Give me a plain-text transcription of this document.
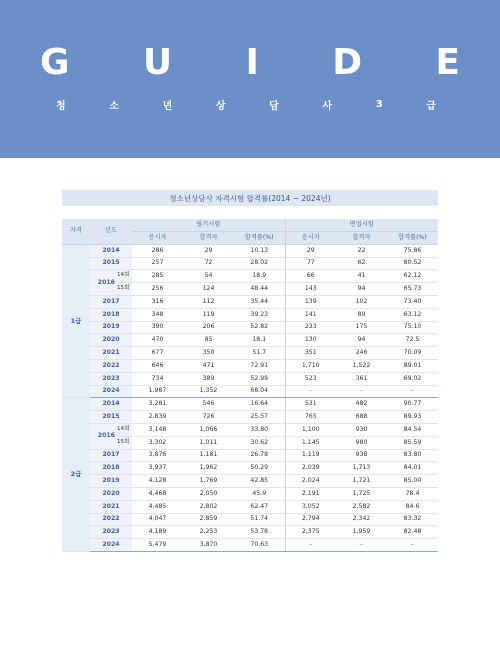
G U I D E
청	소	년	상	담	사	3	급
청소년상담사 자격시험 합격률(2014 ~ 2024년)
자격	년도		필기시험			면접시험		
			응시자	합격자	합격률(%)	응시자	합격자	합격률(%)
1급	2014		286	29	10.13	29	22	75.86
	2015		257	72	28.02	77	62	80.52
	2016	14회	285	54	18.9	66	41	62.12
		15회	256	124	48.44	143	94	65.73
	2017		316	112	35.44	139	102	73.40
	2018		348	119	39.23	141	89	63.12
	2019		390	206	52.82	233	175	75.10
	2020		470	85	18.1	130	94	72.5
	2021		677	350	51.7	351	246	70.09
	2022		646	471	72.91	1,710	1,522	89.01
	2023		734	389	52.99	523	361	69.02
	2024		1,987	1,352	68.04	-	-	-
2급	2014		3,281	546	16.64	531	482	90.77
	2015		2,839	726	25.57	765	688	89.93
	2016	14회	3,148	1,066	33.80	1,100	930	84.54
		15회	3,302	1,011	30.62	1,145	980	85.59
	2017		3,876	1,181	26.78	1,119	938	83.80
	2018		3,937	1,962	50.29	2,039	1,713	84.01
	2019		4,128	1,769	42.85	2,024	1,721	85.00
	2020		4,468	2,050	45.9	2,191	1,725	78.4
	2021		4,485	2,802	62.47	3,052	2,582	84.6
	2022		4,047	2,859	51.74	2,794	2,342	83.32
	2023		4,189	2,253	53.78	2,375	1,959	82.48
	2024		5,479	3,870	70.63	-	-	-
